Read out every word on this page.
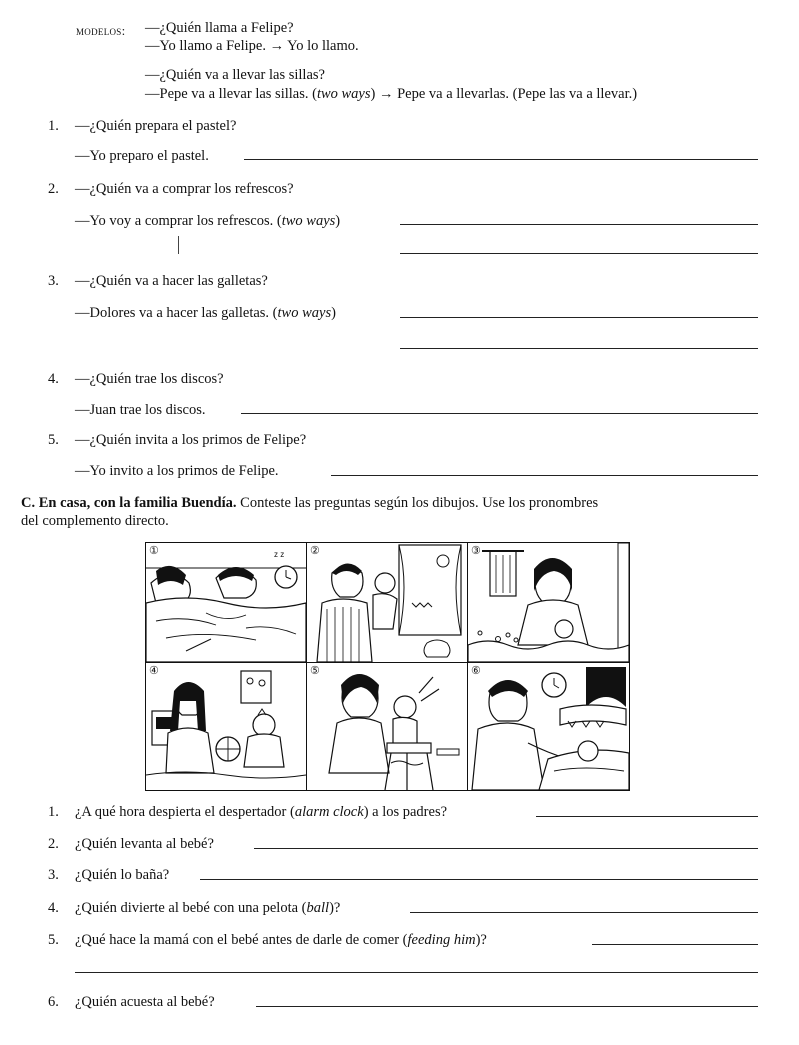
modelos: —¿Quién llama a Felipe?
—Yo llamo a Felipe. → Yo lo llamo.
—¿Quién va a llevar las sillas?
—Pepe va a llevar las sillas. (two ways) → Pepe va a llevarlas. (Pepe las va a llevar.)
1. —¿Quién prepara el pastel?
—Yo preparo el pastel.
2. —¿Quién va a comprar los refrescos?
—Yo voy a comprar los refrescos. (two ways)
3. —¿Quién va a hacer las galletas?
—Dolores va a hacer las galletas. (two ways)
4. —¿Quién trae los discos?
—Juan trae los discos.
5. —¿Quién invita a los primos de Felipe?
—Yo invito a los primos de Felipe.
C. En casa, con la familia Buendía. Conteste las preguntas según los dibujos. Use los pronombres
del complemento directo.
z z
①	②	③
④	⑤	⑥
1. ¿A qué hora despierta el despertador (alarm clock) a los padres?
2. ¿Quién levanta al bebé?
3. ¿Quién lo baña?
4. ¿Quién divierte al bebé con una pelota (ball)?
5. ¿Qué hace la mamá con el bebé antes de darle de comer (feeding him)?
6. ¿Quién acuesta al bebé?
